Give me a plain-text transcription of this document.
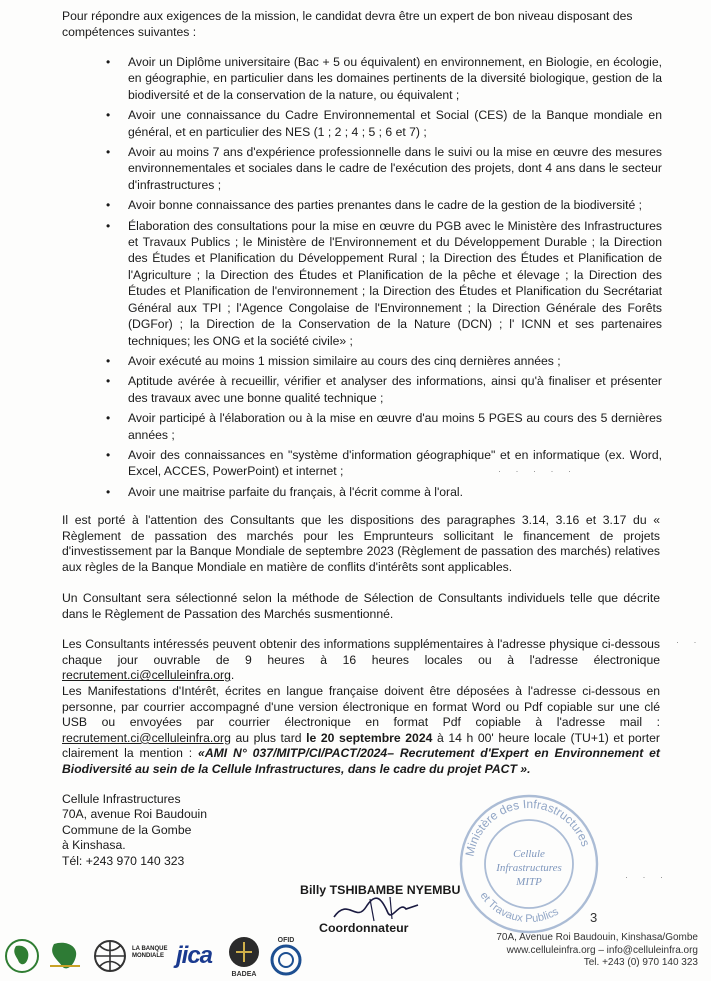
Pour répondre aux exigences de la mission, le candidat devra être un expert de bon niveau disposant des compétences suivantes :
• Avoir un Diplôme universitaire (Bac + 5 ou équivalent) en environnement, en Biologie, en écologie, en géographie, en particulier dans les domaines pertinents de la diversité biologique, gestion de la biodiversité et de la conservation de la nature, ou équivalent ;
• Avoir une connaissance du Cadre Environnemental et Social (CES) de la Banque mondiale en général, et en particulier des NES (1 ; 2 ; 4 ; 5 ; 6 et 7) ;
• Avoir au moins 7 ans d'expérience professionnelle dans le suivi ou la mise en œuvre des mesures environnementales et sociales dans le cadre de l'exécution des projets, dont 4 ans dans le secteur d'infrastructures ;
• Avoir bonne connaissance des parties prenantes dans le cadre de la gestion de la biodiversité ;
• Élaboration des consultations pour la mise en œuvre du PGB avec le Ministère des Infrastructures et Travaux Publics ; le Ministère de l'Environnement et du Développement Durable ; la Direction des Études et Planification du Développement Rural ; la Direction des Études et Planification de l'Agriculture ; la Direction des Études et Planification de la pêche et élevage ; la Direction des Études et Planification de l'environnement ; la Direction des Études et Planification du Secrétariat Général aux TPI ; l'Agence Congolaise de l'Environnement ; la Direction Générale des Forêts (DGFor) ; la Direction de la Conservation de la Nature (DCN) ; l' ICNN et ses partenaires techniques; les ONG et la société civile» ;
• Avoir exécuté au moins 1 mission similaire au cours des cinq dernières années ;
• Aptitude avérée à recueillir, vérifier et analyser des informations, ainsi qu'à finaliser et présenter des travaux avec une bonne qualité technique ;
• Avoir participé à l'élaboration ou à la mise en œuvre d'au moins 5 PGES au cours des 5 dernières années ;
• Avoir des connaissances en "système d'information géographique" et en informatique (ex. Word, Excel, ACCES, PowerPoint) et internet ;
• Avoir une maitrise parfaite du français, à l'écrit comme à l'oral.
Il est porté à l'attention des Consultants que les dispositions des paragraphes 3.14, 3.16 et 3.17 du « Règlement de passation des marchés pour les Emprunteurs sollicitant le financement de projets d'investissement par la Banque Mondiale de septembre 2023 (Règlement de passation des marchés) relatives aux règles de la Banque Mondiale en matière de conflits d'intérêts sont applicables.
Un Consultant sera sélectionné selon la méthode de Sélection de Consultants individuels telle que décrite dans le Règlement de Passation des Marchés susmentionné.
Les Consultants intéressés peuvent obtenir des informations supplémentaires à l'adresse physique ci-dessous chaque jour ouvrable de 9 heures à 16 heures locales ou à l'adresse électronique recrutement.ci@celluleinfra.org.
Les Manifestations d'Intérêt, écrites en langue française doivent être déposées à l'adresse ci-dessous en personne, par courrier accompagné d'une version électronique en format Word ou Pdf copiable sur une clé USB ou envoyées par courrier électronique en format Pdf copiable à l'adresse mail : recrutement.ci@celluleinfra.org au plus tard le 20 septembre 2024 à 14 h 00' heure locale (TU+1) et porter clairement la mention : «AMI N° 037/MITP/CI/PACT/2024– Recrutement d'Expert en Environnement et Biodiversité au sein de la Cellule Infrastructures, dans le cadre du projet PACT ».
Cellule Infrastructures
70A, avenue Roi Baudouin
Commune de la Gombe
à Kinshasa.
Tél: +243 970 140 323
Ministère des Infrastructures
et Travaux Publics
Cellule
Infrastructures
MITP
Billy TSHIBAMBE NYEMBU
Coordonnateur
3
LA BANQUE MONDIALE jica
BADEA
OFID	70A, Avenue Roi Baudouin, Kinshasa/Gombe
www.celluleinfra.org – info@celluleinfra.org
Tel. +243 (0) 970 140 323
· · · · ·
· ·
· · ·
